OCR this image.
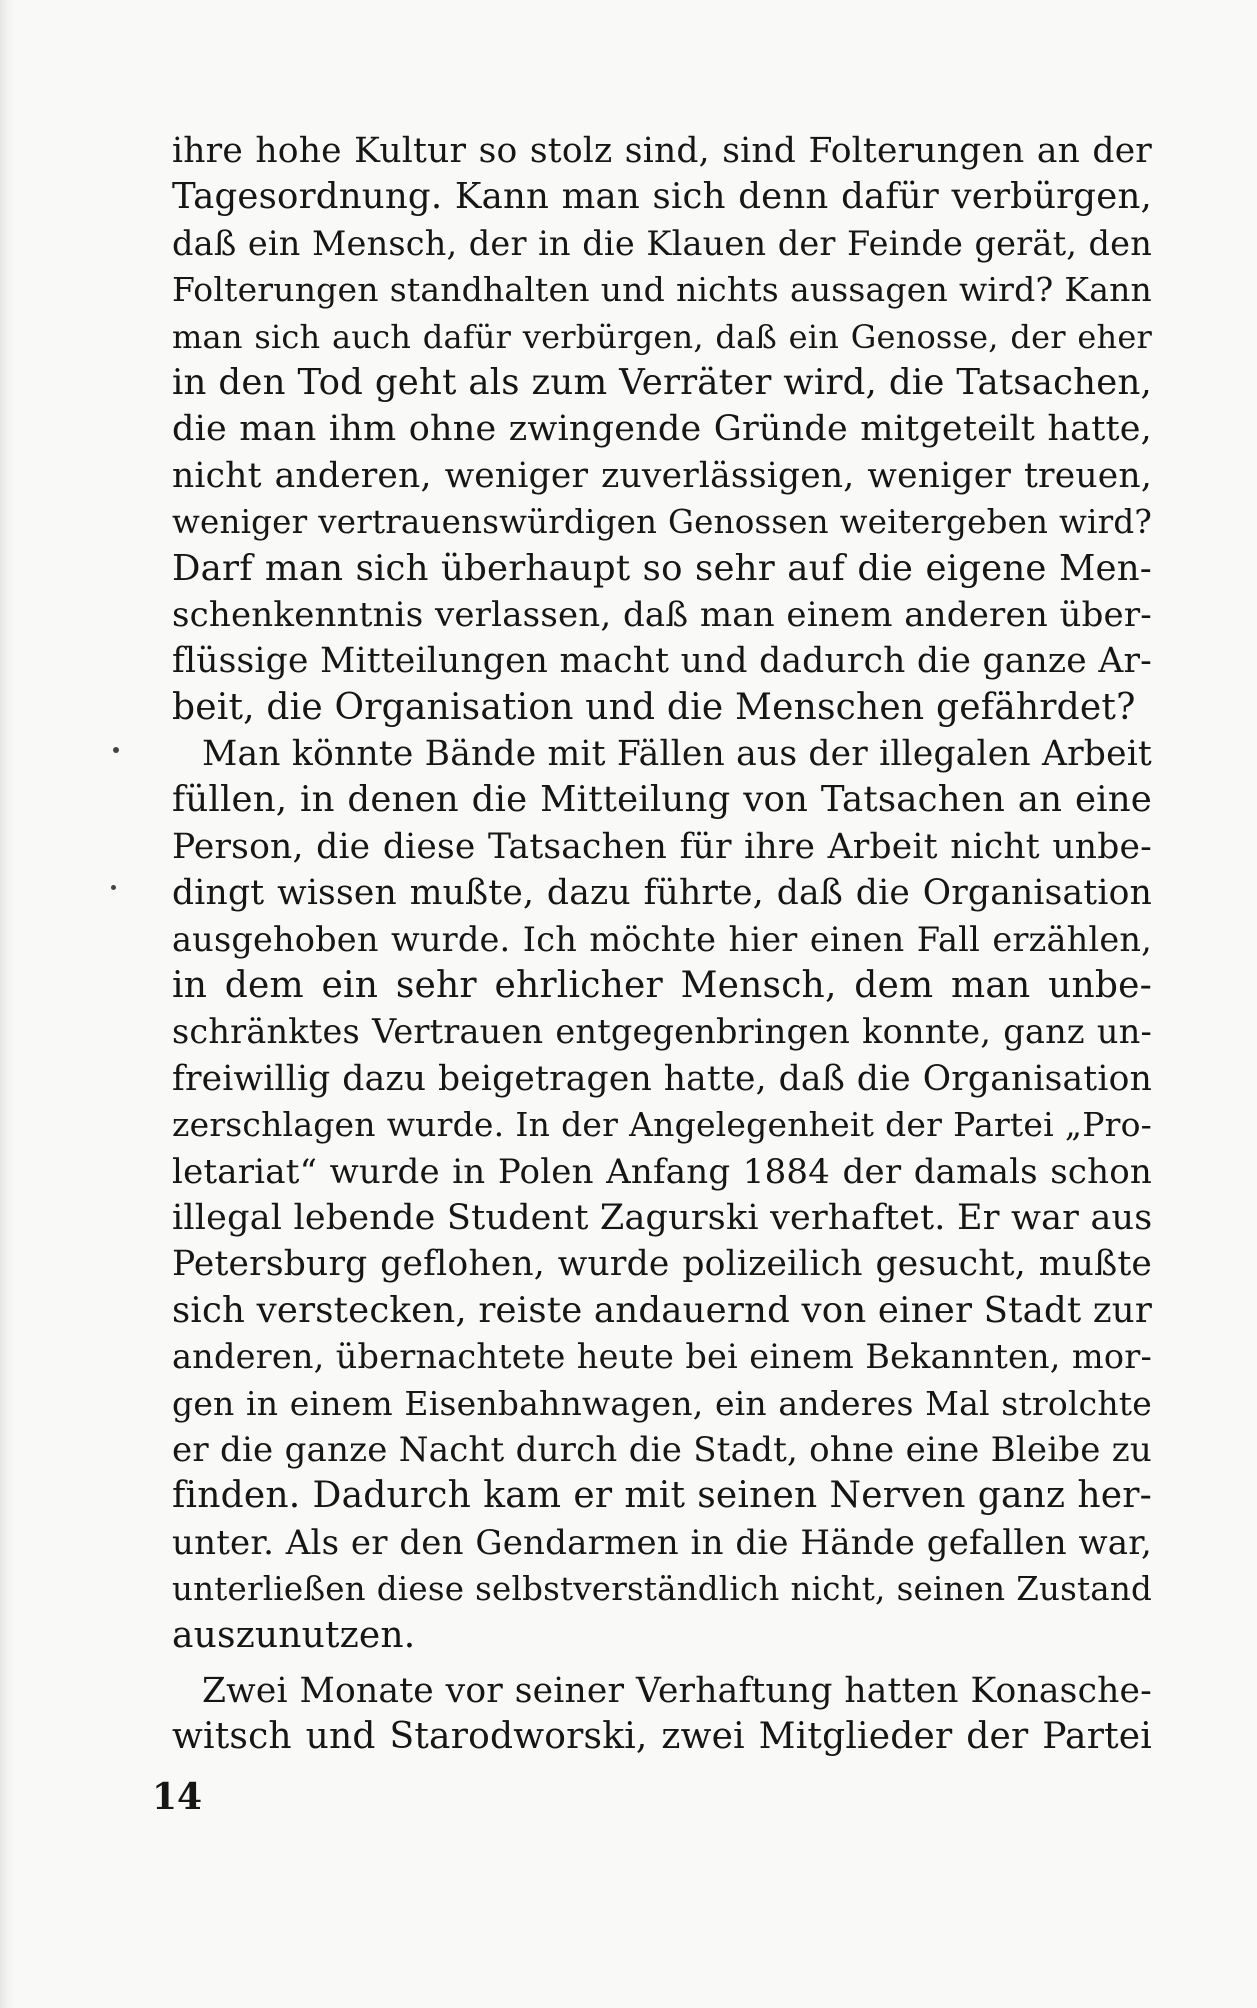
ihre hohe Kultur so stolz sind, sind Folterungen an der
Tagesordnung. Kann man sich denn dafür verbürgen,
daß ein Mensch, der in die Klauen der Feinde gerät, den
Folterungen standhalten und nichts aussagen wird? Kann
man sich auch dafür verbürgen, daß ein Genosse, der eher
in den Tod geht als zum Verräter wird, die Tatsachen,
die man ihm ohne zwingende Gründe mitgeteilt hatte,
nicht anderen, weniger zuverlässigen, weniger treuen,
weniger vertrauenswürdigen Genossen weitergeben wird?
Darf man sich überhaupt so sehr auf die eigene Men-
schenkenntnis verlassen, daß man einem anderen über-
flüssige Mitteilungen macht und dadurch die ganze Ar-
beit, die Organisation und die Menschen gefährdet?
Man könnte Bände mit Fällen aus der illegalen Arbeit
füllen, in denen die Mitteilung von Tatsachen an eine
Person, die diese Tatsachen für ihre Arbeit nicht unbe-
dingt wissen mußte, dazu führte, daß die Organisation
ausgehoben wurde. Ich möchte hier einen Fall erzählen,
in dem ein sehr ehrlicher Mensch, dem man unbe-
schränktes Vertrauen entgegenbringen konnte, ganz un-
freiwillig dazu beigetragen hatte, daß die Organisation
zerschlagen wurde. In der Angelegenheit der Partei „Pro-
letariat“ wurde in Polen Anfang 1884 der damals schon
illegal lebende Student Zagurski verhaftet. Er war aus
Petersburg geflohen, wurde polizeilich gesucht, mußte
sich verstecken, reiste andauernd von einer Stadt zur
anderen, übernachtete heute bei einem Bekannten, mor-
gen in einem Eisenbahnwagen, ein anderes Mal strolchte
er die ganze Nacht durch die Stadt, ohne eine Bleibe zu
finden. Dadurch kam er mit seinen Nerven ganz her-
unter. Als er den Gendarmen in die Hände gefallen war,
unterließen diese selbstverständlich nicht, seinen Zustand
auszunutzen.
Zwei Monate vor seiner Verhaftung hatten Konasche-
witsch und Starodworski, zwei Mitglieder der Partei
14
